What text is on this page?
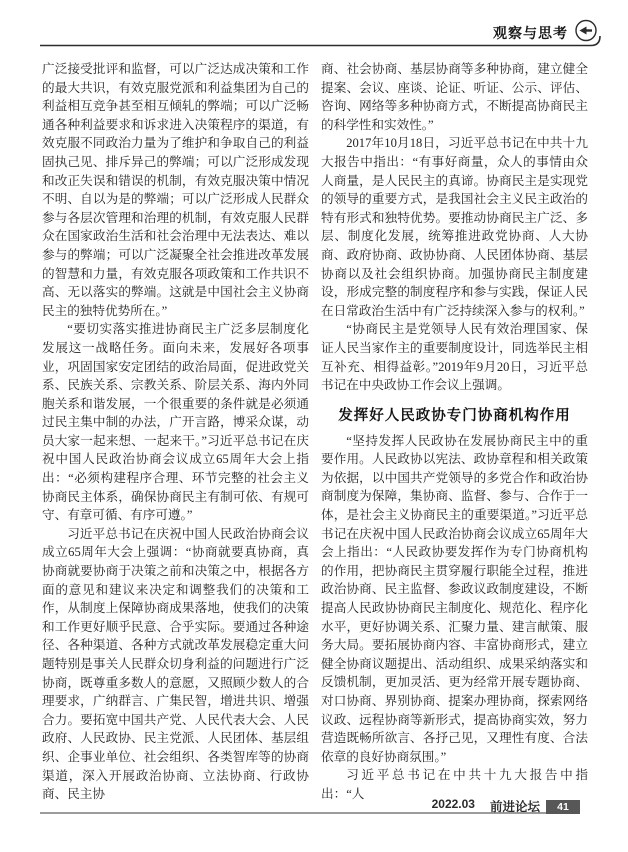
观察与思考

广泛接受批评和监督，可以广泛达成决策和工作的最大共识，有效克服党派和利益集团为自己的利益相互竞争甚至相互倾轧的弊端；可以广泛畅通各种利益要求和诉求进入决策程序的渠道，有效克服不同政治力量为了维护和争取自己的利益固执己见、排斥异己的弊端；可以广泛形成发现和改正失误和错误的机制，有效克服决策中情况不明、自以为是的弊端；可以广泛形成人民群众参与各层次管理和治理的机制，有效克服人民群众在国家政治生活和社会治理中无法表达、难以参与的弊端；可以广泛凝聚全社会推进改革发展的智慧和力量，有效克服各项政策和工作共识不高、无以落实的弊端。这就是中国社会主义协商民主的独特优势所在。”

“要切实落实推进协商民主广泛多层制度化发展这一战略任务。面向未来，发展好各项事业，巩固国家安定团结的政治局面，促进政党关系、民族关系、宗教关系、阶层关系、海内外同胞关系和谐发展，一个很重要的条件就是必须通过民主集中制的办法，广开言路，博采众谋，动员大家一起来想、一起来干。”习近平总书记在庆祝中国人民政治协商会议成立65周年大会上指出：“必须构建程序合理、环节完整的社会主义协商民主体系，确保协商民主有制可依、有规可守、有章可循、有序可遵。”

习近平总书记在庆祝中国人民政治协商会议成立65周年大会上强调：“协商就要真协商，真协商就要协商于决策之前和决策之中，根据各方面的意见和建议来决定和调整我们的决策和工作，从制度上保障协商成果落地，使我们的决策和工作更好顺乎民意、合乎实际。要通过各种途径、各种渠道、各种方式就改革发展稳定重大问题特别是事关人民群众切身利益的问题进行广泛协商，既尊重多数人的意愿，又照顾少数人的合理要求，广纳群言、广集民智，增进共识、增强合力。要拓宽中国共产党、人民代表大会、人民政府、人民政协、民主党派、人民团体、基层组织、企事业单位、社会组织、各类智库等的协商渠道，深入开展政治协商、立法协商、行政协商、民主协

商、社会协商、基层协商等多种协商，建立健全提案、会议、座谈、论证、听证、公示、评估、咨询、网络等多种协商方式，不断提高协商民主的科学性和实效性。”

2017年10月18日，习近平总书记在中共十九大报告中指出：“有事好商量，众人的事情由众人商量，是人民民主的真谛。协商民主是实现党的领导的重要方式，是我国社会主义民主政治的特有形式和独特优势。要推动协商民主广泛、多层、制度化发展，统筹推进政党协商、人大协商、政府协商、政协协商、人民团体协商、基层协商以及社会组织协商。加强协商民主制度建设，形成完整的制度程序和参与实践，保证人民在日常政治生活中有广泛持续深入参与的权利。”

“协商民主是党领导人民有效治理国家、保证人民当家作主的重要制度设计，同选举民主相互补充、相得益彰。”2019年9月20日，习近平总书记在中央政协工作会议上强调。

发挥好人民政协专门协商机构作用

“坚持发挥人民政协在发展协商民主中的重要作用。人民政协以宪法、政协章程和相关政策为依据，以中国共产党领导的多党合作和政治协商制度为保障，集协商、监督、参与、合作于一体，是社会主义协商民主的重要渠道。”习近平总书记在庆祝中国人民政治协商会议成立65周年大会上指出：“人民政协要发挥作为专门协商机构的作用，把协商民主贯穿履行职能全过程，推进政治协商、民主监督、参政议政制度建设，不断提高人民政协协商民主制度化、规范化、程序化水平，更好协调关系、汇聚力量、建言献策、服务大局。要拓展协商内容、丰富协商形式，建立健全协商议题提出、活动组织、成果采纳落实和反馈机制，更加灵活、更为经常开展专题协商、对口协商、界别协商、提案办理协商，探索网络议政、远程协商等新形式，提高协商实效，努力营造既畅所欲言、各抒己见，又理性有度、合法依章的良好协商氛围。”

习近平总书记在中共十九大报告中指出：“人

2022.03 前进论坛	41
